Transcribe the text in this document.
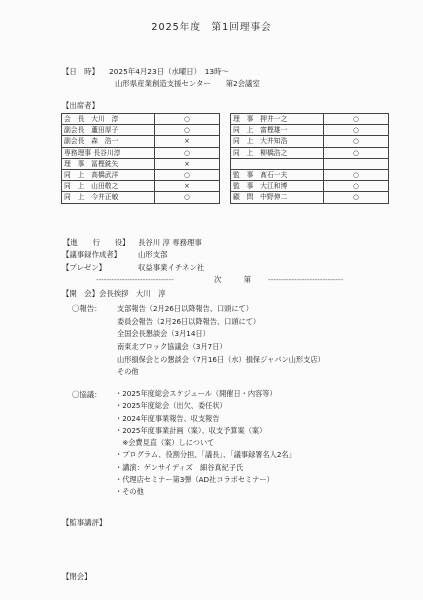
2025年度　第1回理事会
【日　時】 2025年4月23日（水曜日）　13時～
山形県産業創造支援センター　　第2会議室
【出席者】
会　長　大川　淳	○		理　事　押井一之	○
副会長　蘆田厚子	○		同　上　富樫雄一	○
副会長　森　浩一	×		同　上　大井知浩	○
専務理事 長谷川淳	○		同　上　柳橋浩之	○
理　事　冨樫銑矢	×			
同　上　高橋武洋	○		監　事　髙石一夫	○
同　上　山田敬之	×		監　事　大江和博	○
同　上　今井正敏	○		顧　問　中野伸二	○
【進　　行　　役】 長谷川 淳 専務理事
【議事録作成者】 山形支部
【プレゼン】	収益事業イチネン社
------------------------------	次　　　第 -----------------------------
【開　会】会長挨拶　大川　淳
〇報告： 支部報告（2月26日以降報告、口頭にて）
委員会報告（2月26日以降報告、口頭にて）
全国会長懇談会（3月14日）
南東北ブロック協議会（3月7日）
山形損保会との懇談会（7月16日（水）損保ジャパン山形支店）
その他
〇協議： ・2025年度総会スケジュール（開催日・内容等）
・2025年度総会（出欠、委任状）
・2024年度事業報告、収支報告
・2025年度事業計画（案）、収支予算案（案）
　※会費見直（案）しについて
・プログラム、役割分担、「議長」、「議事録署名人2名」
・講演：ゲンサイディズ　細谷真紀子氏
・代理店セミナー第3弾（AD社コラボセミナー）
・その他
【監事講評】
【閉会】
